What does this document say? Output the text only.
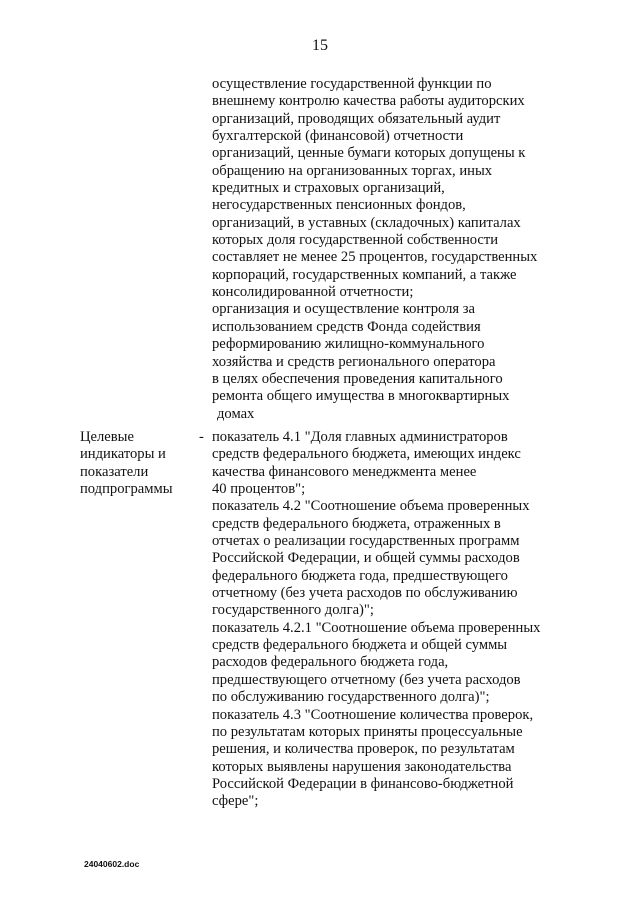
15
осуществление государственной функции по
внешнему контролю качества работы аудиторских
организаций, проводящих обязательный аудит
бухгалтерской (финансовой) отчетности
организаций, ценные бумаги которых допущены к
обращению на организованных торгах, иных
кредитных и страховых организаций,
негосударственных пенсионных фондов,
организаций, в уставных (складочных) капиталах
которых доля государственной собственности
составляет не менее 25 процентов, государственных
корпораций, государственных компаний, а также
консолидированной отчетности;
организация и осуществление контроля за
использованием средств Фонда содействия
реформированию жилищно-коммунального
хозяйства и средств регионального оператора
в целях обеспечения проведения капитального
ремонта общего имущества в многоквартирных
домах
Целевые
индикаторы и
показатели
подпрограммы
- показатель 4.1 "Доля главных администраторов
средств федерального бюджета, имеющих индекс
качества финансового менеджмента менее
40 процентов";
показатель 4.2 "Соотношение объема проверенных
средств федерального бюджета, отраженных в
отчетах о реализации государственных программ
Российской Федерации, и общей суммы расходов
федерального бюджета года, предшествующего
отчетному (без учета расходов по обслуживанию
государственного долга)";
показатель 4.2.1 "Соотношение объема проверенных
средств федерального бюджета и общей суммы
расходов федерального бюджета года,
предшествующего отчетному (без учета расходов
по обслуживанию государственного долга)";
показатель 4.3 "Соотношение количества проверок,
по результатам которых приняты процессуальные
решения, и количества проверок, по результатам
которых выявлены нарушения законодательства
Российской Федерации в финансово-бюджетной
сфере";
24040602.doc
